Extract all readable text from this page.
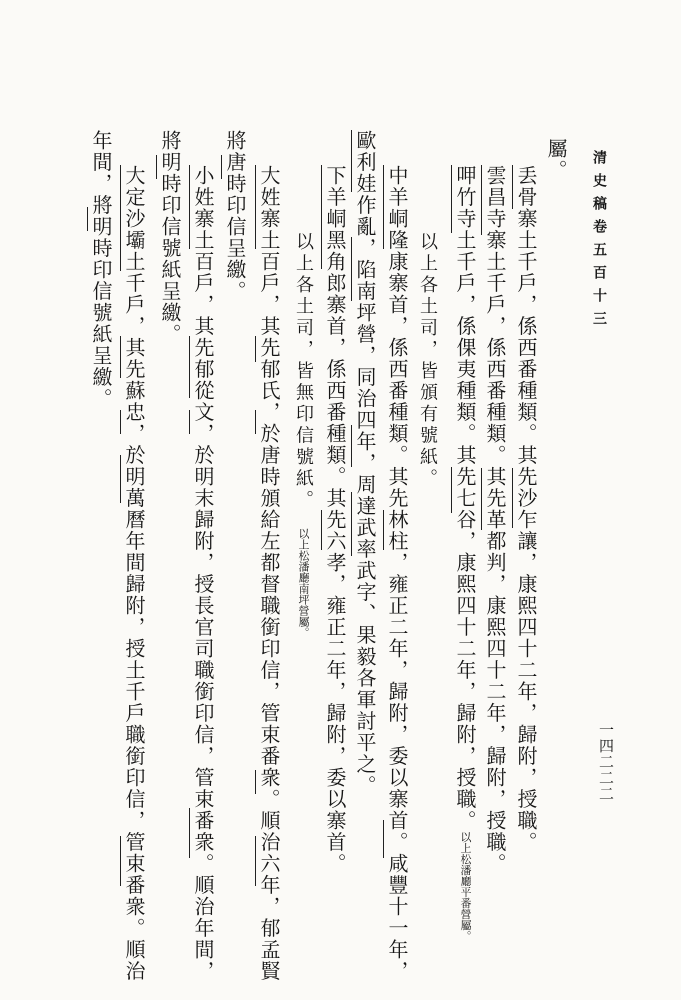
清史稿卷五百十三
一四二二二
屬。
丢骨寨土千戶，係西番種類。其先沙乍讓，康熙四十二年，歸附，授職。
雲昌寺寨土千戶，係西番種類。其先革都判，康熙四十二年，歸附，授職。
呷竹寺土千戶，係倮夷種類。其先七谷，康熙四十二年，歸附，授職。以上松潘廳平番營屬。
以上各土司，皆頒有號紙。
中羊峒隆康寨首，係西番種類。其先林柱，雍正二年，歸附，委以寨首。咸豐十一年，
歐利娃作亂，陷南坪營，同治四年，周達武率武字、果毅各軍討平之。
下羊峒黑角郎寨首，係西番種類。其先六孝，雍正二年，歸附，委以寨首。
以上各土司，皆無印信號紙。以上松潘廳南坪營屬。
大姓寨土百戶，其先郁氏，於唐時頒給左都督職銜印信，管束番衆。順治六年，郁孟賢
將唐時印信呈繳。
小姓寨土百戶，其先郁從文，於明末歸附，授長官司職銜印信，管束番衆。順治年間，
將明時印信號紙呈繳。
大定沙壩土千戶，其先蘇忠，於明萬曆年間歸附，授土千戶職銜印信，管束番衆。順治
年間，將明時印信號紙呈繳。
